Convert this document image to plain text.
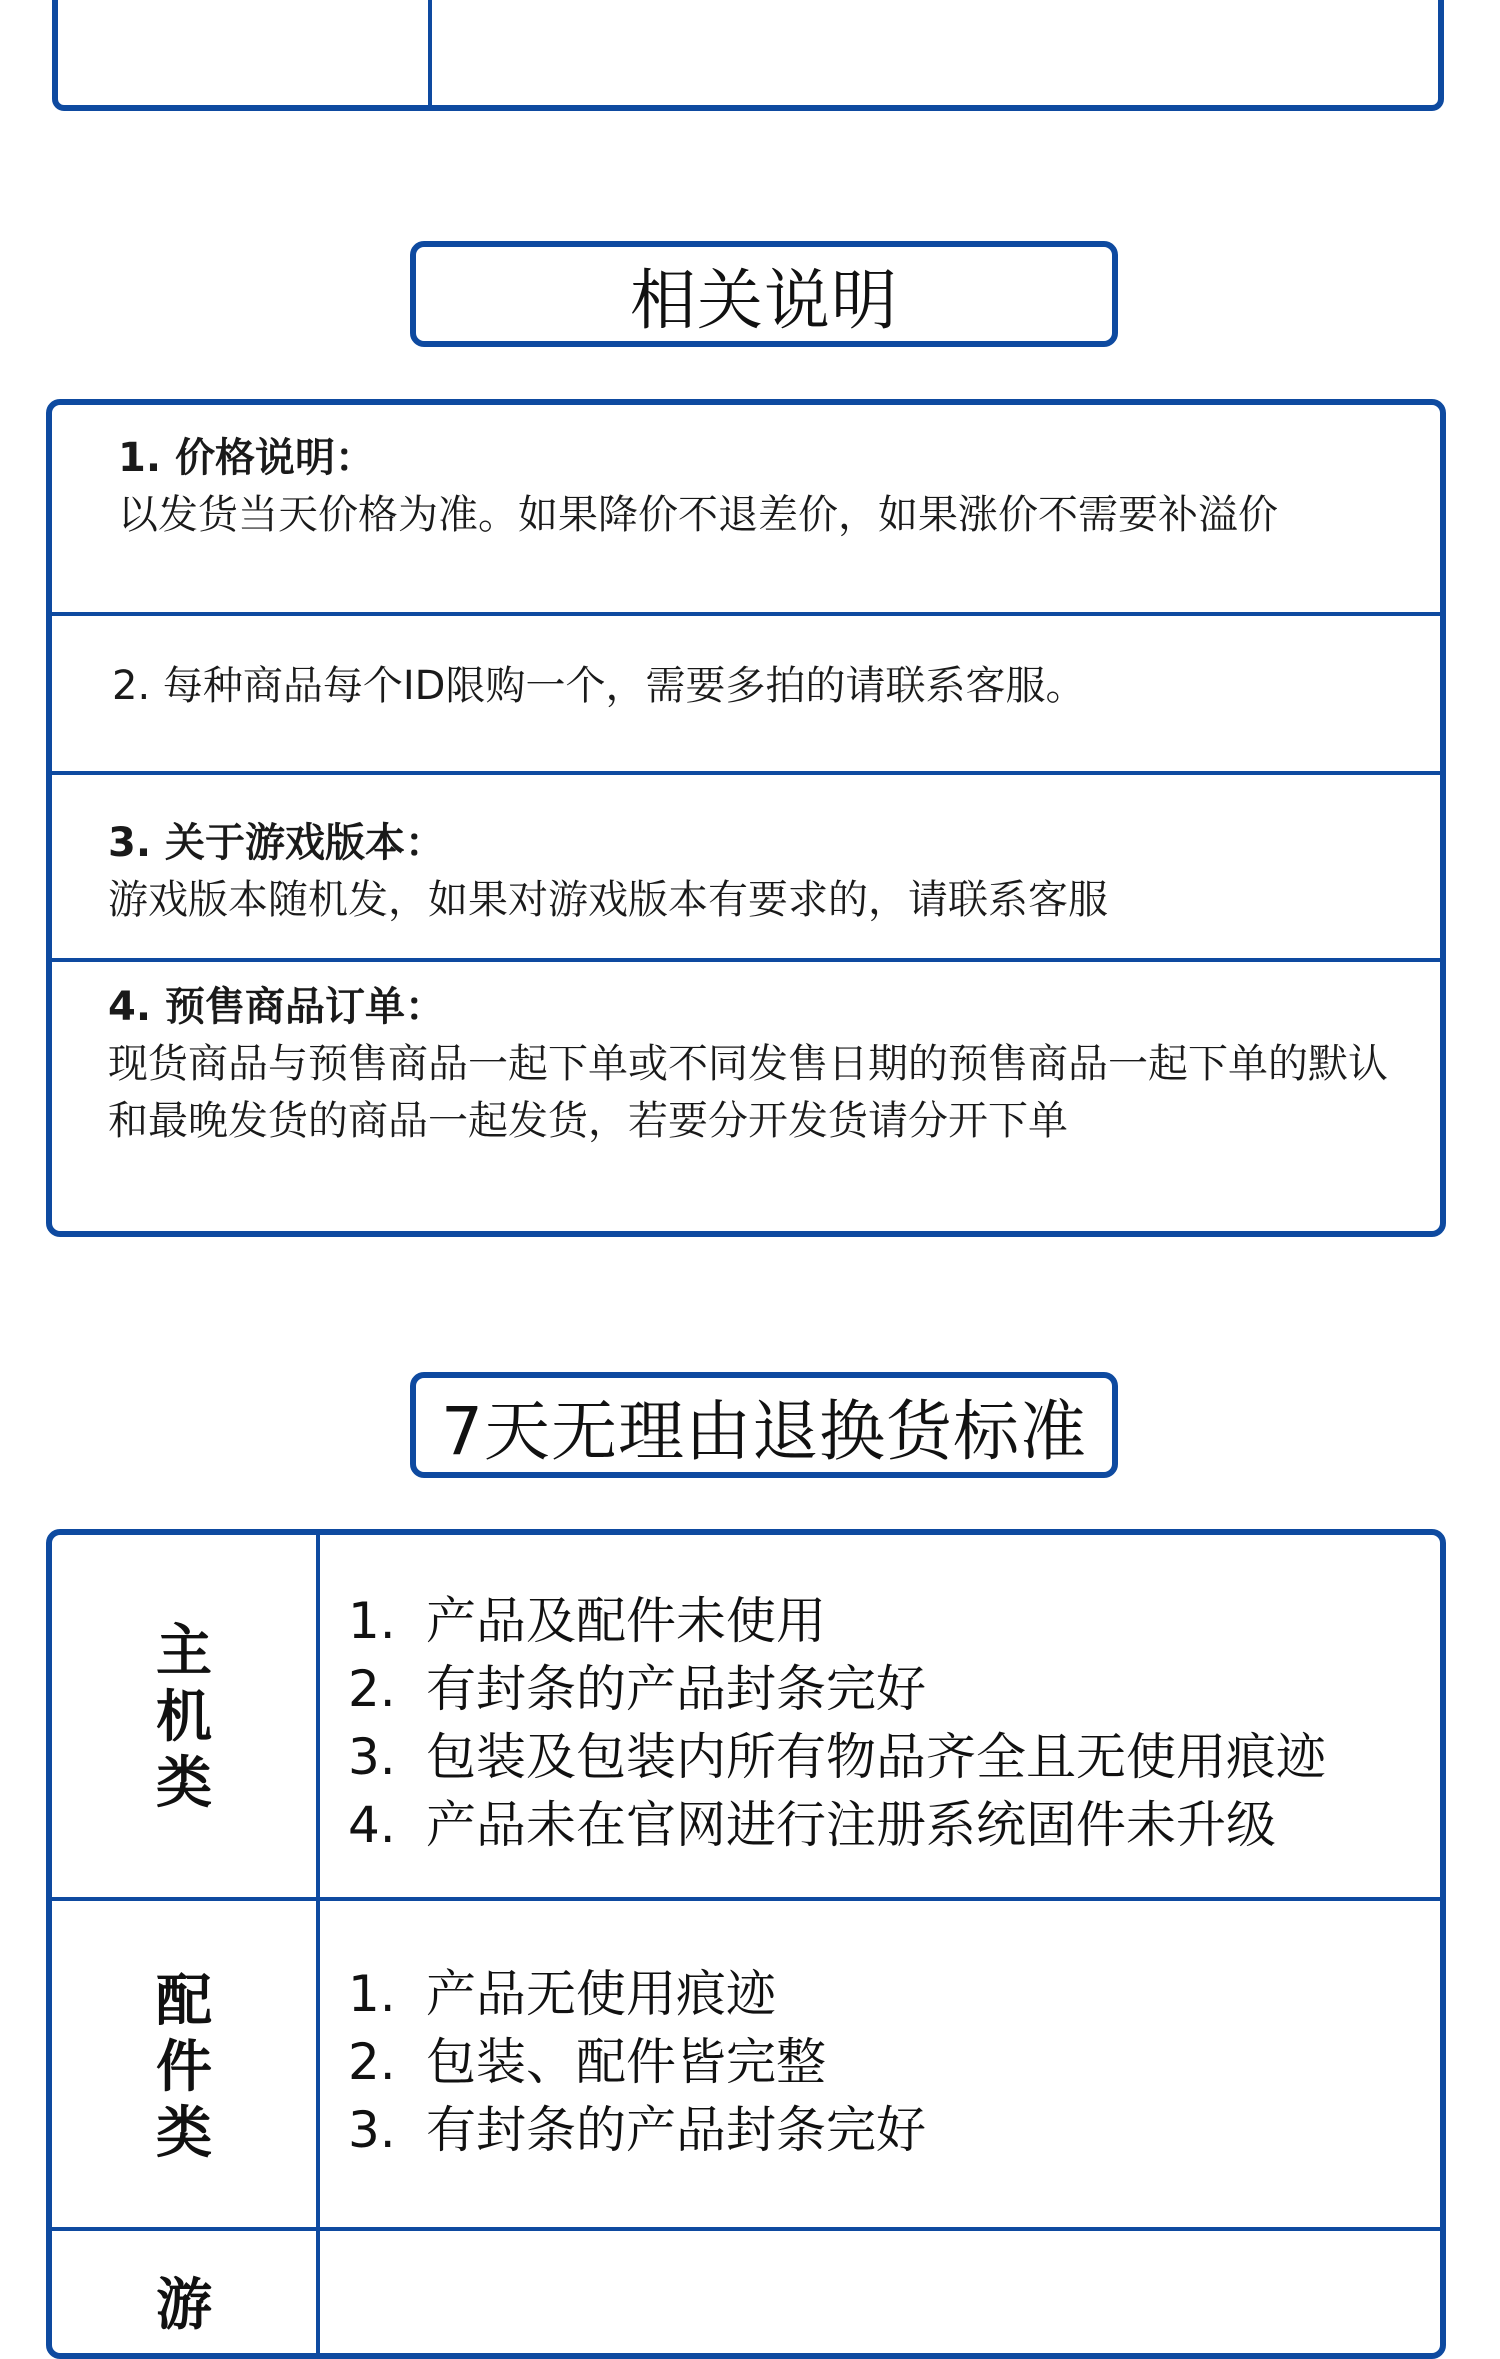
相关说明
1. 价格说明：
以发货当天价格为准。如果降价不退差价，如果涨价不需要补溢价
2. 每种商品每个ID限购一个，需要多拍的请联系客服。
3. 关于游戏版本：
游戏版本随机发，如果对游戏版本有要求的，请联系客服
4. 预售商品订单：
现货商品与预售商品一起下单或不同发售日期的预售商品一起下单的默认和最晚发货的商品一起发货，若要分开发货请分开下单
7天无理由退换货标准
主
机
类
1. 产品及配件未使用
2. 有封条的产品封条完好
3. 包装及包装内所有物品齐全且无使用痕迹
4. 产品未在官网进行注册系统固件未升级
配
件
类
1. 产品无使用痕迹
2. 包装、配件皆完整
3. 有封条的产品封条完好
游
